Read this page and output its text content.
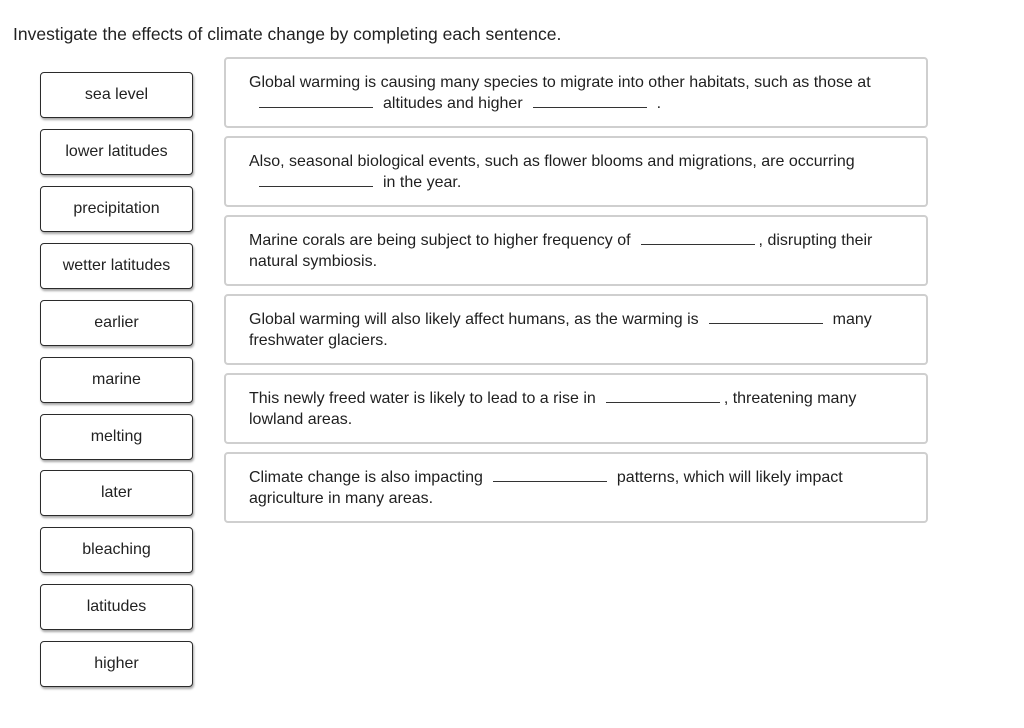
Investigate the effects of climate change by completing each sentence.
sea level
lower latitudes
precipitation
wetter latitudes
earlier
marine
melting
later
bleaching
latitudes
higher
Global warming is causing many species to migrate into other habitats, such as those ataltitudes and higher	.
Also, seasonal biological events, such as flower blooms and migrations, are occurringin the year.
Marine corals are being subject to higher frequency of	, disrupting their natural symbiosis.
Global warming will also likely affect humans, as the warming is	many freshwater glaciers.
This newly freed water is likely to lead to a rise in	, threatening many lowland areas.
Climate change is also impacting	patterns, which will likely impact agriculture in many areas.
